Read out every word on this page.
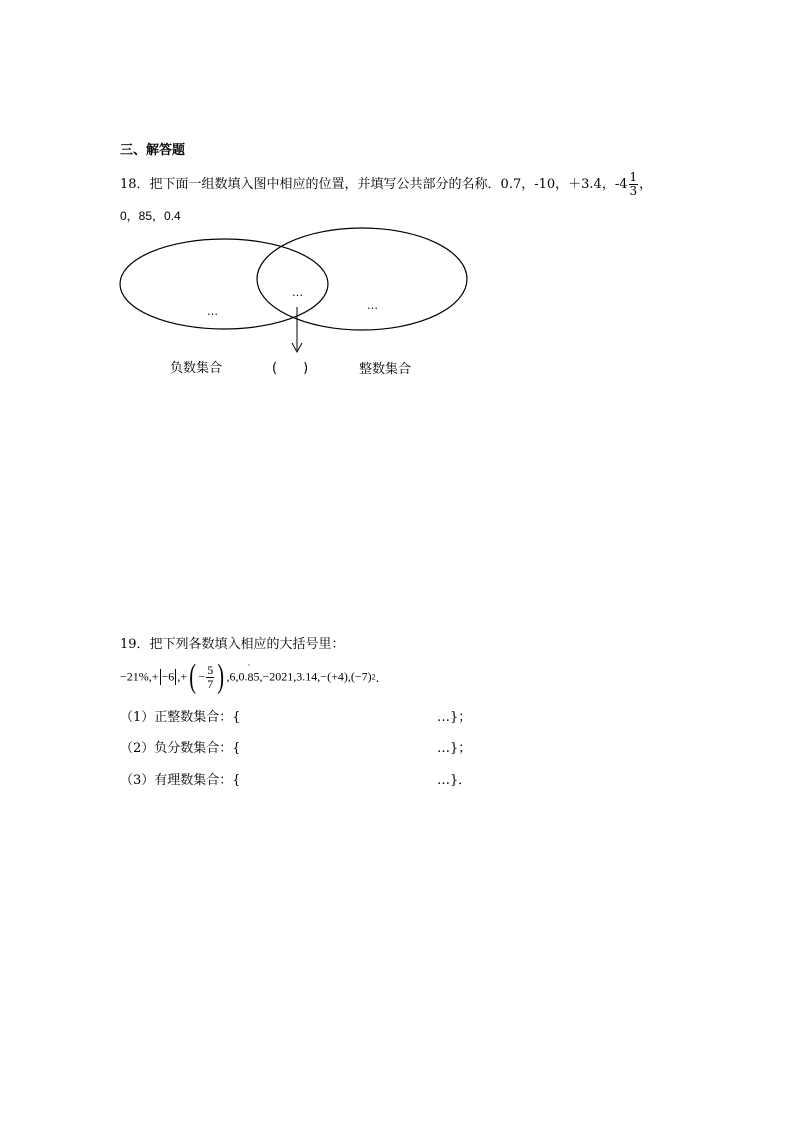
三、解答题
18．把下面一组数填入图中相应的位置，并填写公共部分的名称．0.7，-10，＋3.4，$-4 \frac{1}{3}$ ，
0，85，0.4
…
…
…
负数集合	(　　)	整数集合
19．把下列各数填入相应的大括号里：
−21%,+ −6 ,+( − $\frac{5}{7}$ ) ,6,0.
·
85,−2021,3.14,−(+4),(−7)2．
（1）正整数集合：{	…}；
（2）负分数集合：{	…}；
（3）有理数集合：{	…}．
